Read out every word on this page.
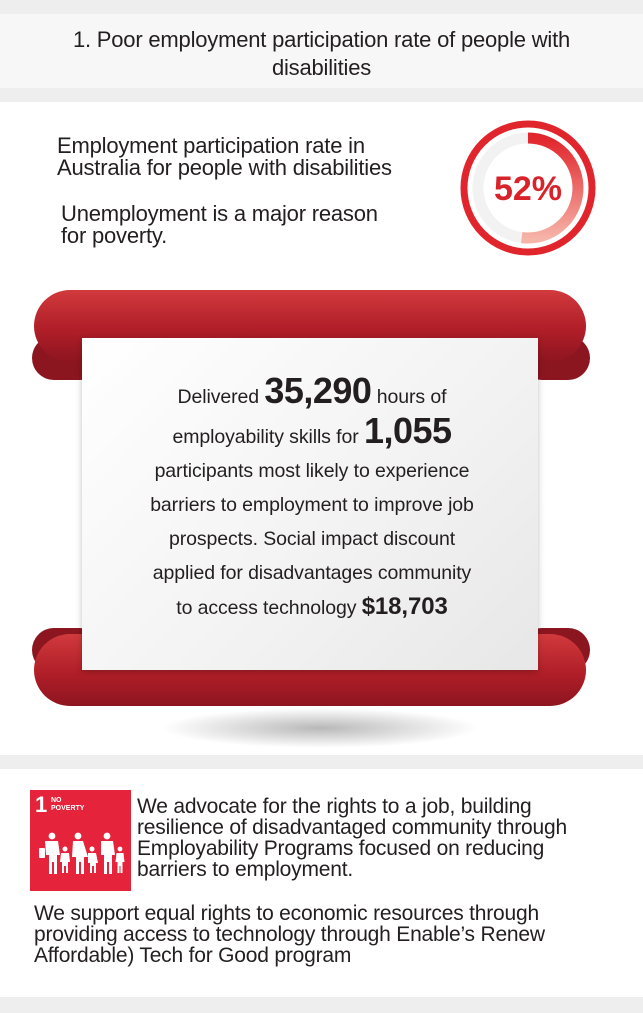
1. Poor employment participation rate of people with
disabilities
Employment participation rate in
Australia for people with disabilities
Unemployment is a major reason
for poverty.
52%
Delivered 35,290 hours of
employability skills for 1,055
participants most likely to experience
barriers to employment to improve job
prospects. Social impact discount
applied for disadvantages community
to access technology $18,703
1 NO
POVERTY	We advocate for the rights to a job, building
resilience of disadvantaged community through
Employability Programs focused on reducing
barriers to employment.
We support equal rights to economic resources through
providing access to technology through Enable’s Renew
Affordable) Tech for Good program
